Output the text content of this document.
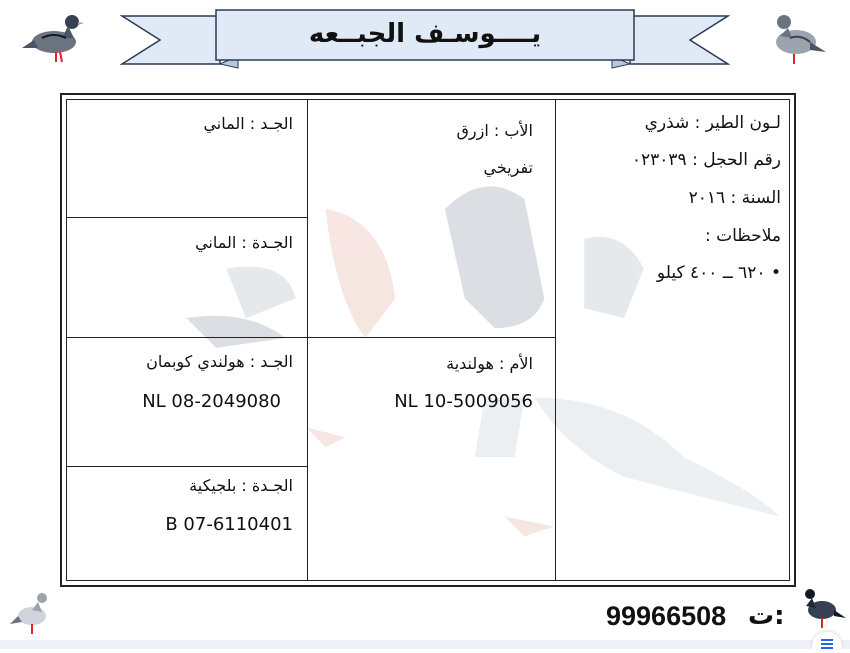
يــــوسـف الجبــعه
لـون الطير : شذري
رقم الحجل : ٠٢٣٠٣٩
السنة : ٢٠١٦
ملاحظات :
• ٦٢٠ ــ ٤٠٠ كيلو
الأب : ازرق
تفريخي
الأم : هولندية
NL 10-5009056
الجـد : الماني
الجـدة : الماني
الجـد : هولندي كوبمان
NL 08-2049080
الجـدة : بلجيكية
B 07-6110401
ت:
99966508
